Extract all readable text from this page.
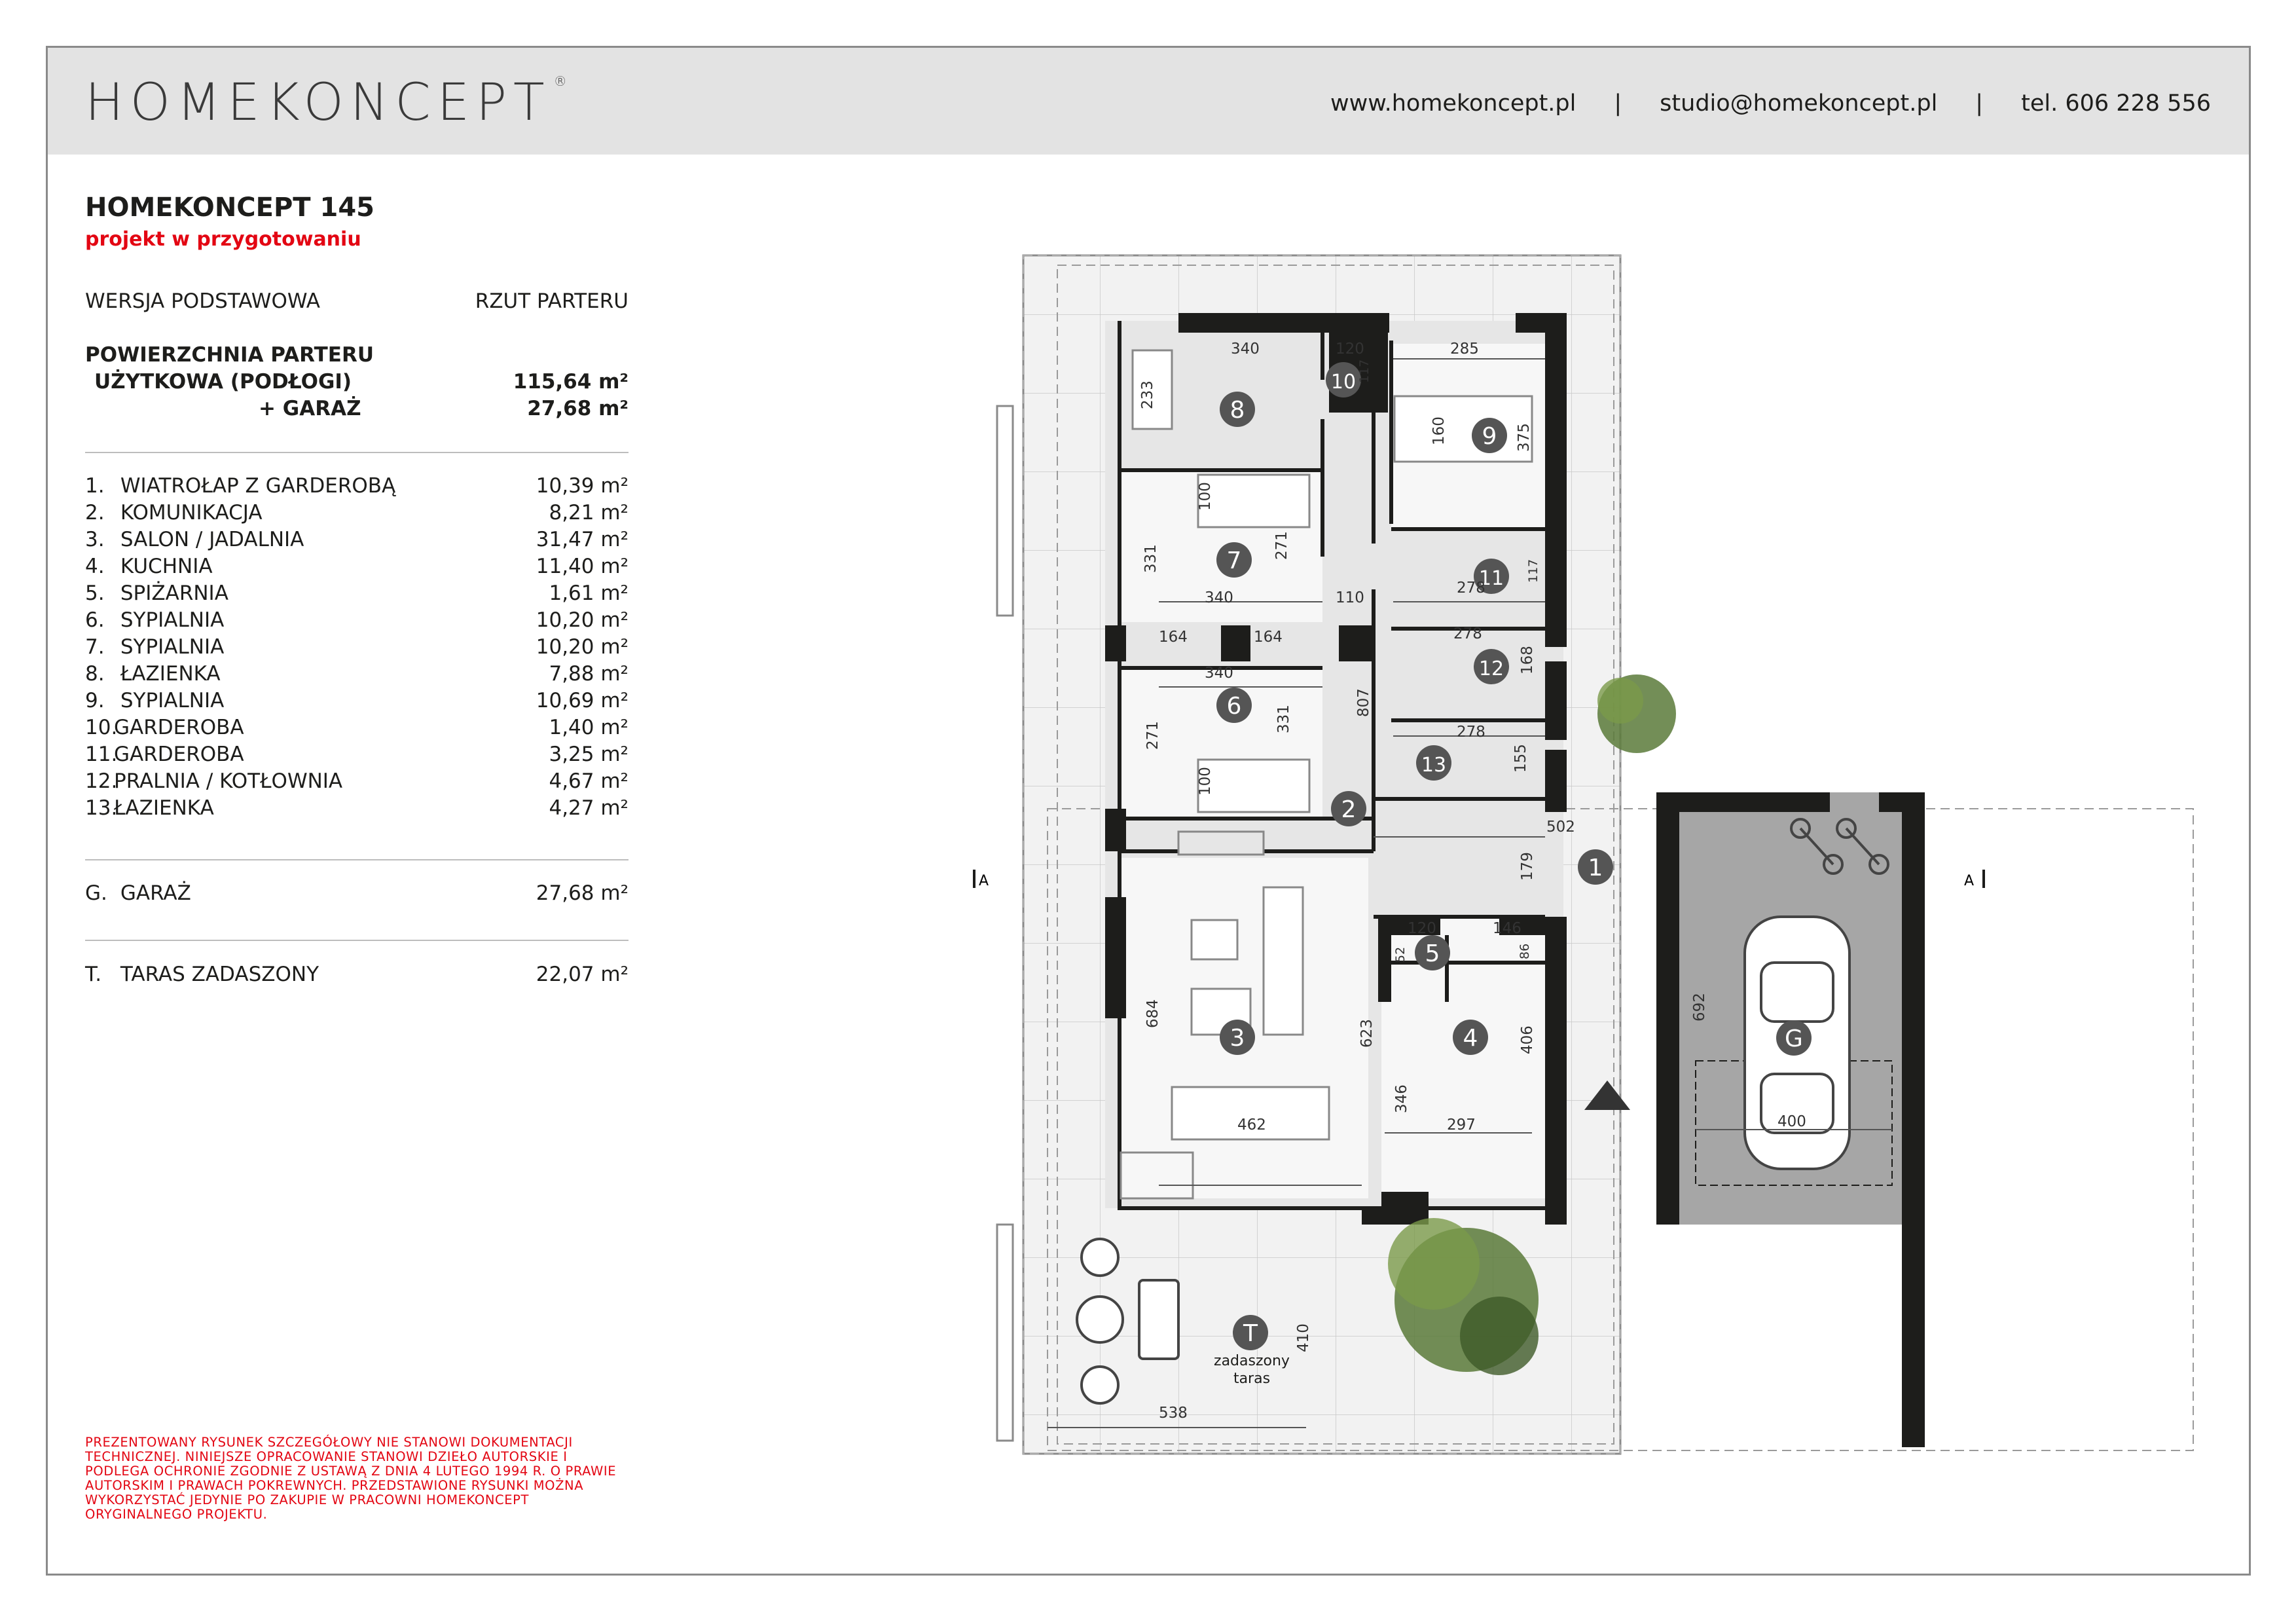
HOMEKONCEPT ®
www.homekoncept.pl | studio@homekoncept.pl | tel. 606 228 556
HOMEKONCEPT 145
projekt w przygotowaniu
WERSJA PODSTAWOWA	RZUT PARTERU
POWIERZCHNIA PARTERU
UŻYTKOWA (PODŁOGI)	115,64 m²
+ GARAŻ	27,68 m²
1. WIATROŁAP Z GARDEROBĄ	10,39 m²
2. KOMUNIKACJA	8,21 m²
3. SALON / JADALNIA	31,47 m²
4. KUCHNIA	11,40 m²
5. SPIŻARNIA	1,61 m²
6. SYPIALNIA	10,20 m²
7. SYPIALNIA	10,20 m²
8. ŁAZIENKA	7,88 m²
9. SYPIALNIA	10,69 m²
10.GARDEROBA	1,40 m²
11.GARDEROBA	3,25 m²
12.PRALNIA / KOTŁOWNIA	4,67 m²
13.ŁAZIENKA	4,27 m²
G. GARAŻ	27,68 m²
T. TARAS ZADASZONY	22,07 m²
PREZENTOWANY RYSUNEK SZCZEGÓŁOWY NIE STANOWI DOKUMENTACJI TECHNICZNEJ. NINIEJSZE OPRACOWANIE STANOWI DZIEŁO AUTORSKIE I PODLEGA OCHRONIE ZGODNIE Z USTAWĄ Z DNIA 4 LUTEGO 1994 R. O PRAWIE AUTORSKIM I PRAWACH POKREWNYCH. PRZEDSTAWIONE RYSUNKI MOŻNA WYKORZYSTAĆ JEDYNIE PO ZAKUPIE W PRACOWNI HOMEKONCEPT ORYGINALNEGO PROJEKTU.
A	A
1
2
3	4
5
6
7
8
9
10
11
12
13
G
T
zadaszony
taras
340	120	285
233
117
160	375
100
271
331
340	110
278
117
164	164	278
168
340
807
278
155
331
271
100
502
179
120	146
52	86
684
623	406
346
297
462
692
400
410
538
